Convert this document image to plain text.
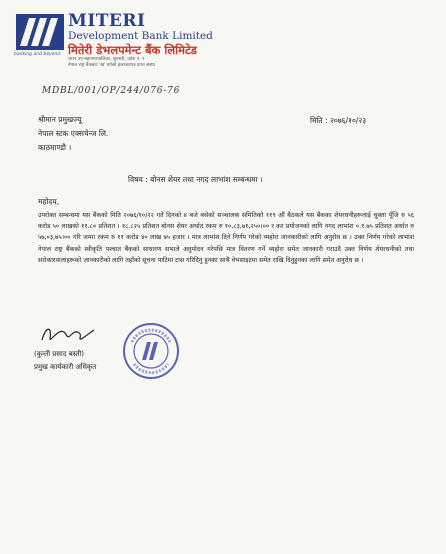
banking and beyond
MITERI
Development Bank Limited
मितेरी डेभलपमेन्ट बैंक लिमिटेड
धरान उप-महानगरपालिका, सुनसरी, प्रदेश नं. १
नेपाल राष्ट्र बैंकबाट 'ख' वर्गको इजाजतपत्र प्राप्त संस्था
MDBL/001/OP/244/076-76
श्रीमान प्रमुखज्यू
नेपाल स्टक एक्सचेन्ज लि.
काठमाण्डौ ।
मिति : २०७६/१०/२३
विषय : बोनस शेयर तथा नगद लाभांश सम्बन्धमा ।
महोदय,
उपरोक्त सम्बन्धमा यस बैंकको मिति २०७६/१०/२२ गते दिनको ४ बजे बसेको सञ्चालक समितिको ११९ औं बैठकले यस बैंकका शेयरधनीहरूलाई चुक्ता पूँजि रु ५६ करोड ५० लाखको ११.८० प्रतिशत । १८.८२५ प्रतिशत बोनस शेयर अर्थात रकम रु १०,८३,७१,२५०।०० र कर प्रयोजनको लागि नगद लाभांश ०.१.७५ प्रतिशत अर्थात रु ५७,०३,७५।०० गरि जम्मा रकम रु ११ करोड ४० लाख ७५ हजार । मात्र लाभांश दिने निर्णय गरेको व्यहोरा जानकारीको लागि अनुरोध छ । उक्त निर्णय गरेको लाभांश नेपाल राष्ट्र बैंकको स्वीकृति पश्चात बैंकको साधारण सभाले अनुमोदन गरेपछि मात्र वितरण गर्ने व्यहोरा समेत जानकारी गराउदै उक्त निर्णय शेयरधनीको तथा सरोकारवालाहरूको जानकारीको लागि तहाँको सूचना पाटिमा टास गरिदिनु हुनका साथै वेभसाइटमा समेत राखि दिनुहुनका लागि समेत अनुरोध छ ।
(कुन्ती प्रसाद बस्ती)
प्रमुख कार्यकारी अधिकृत
